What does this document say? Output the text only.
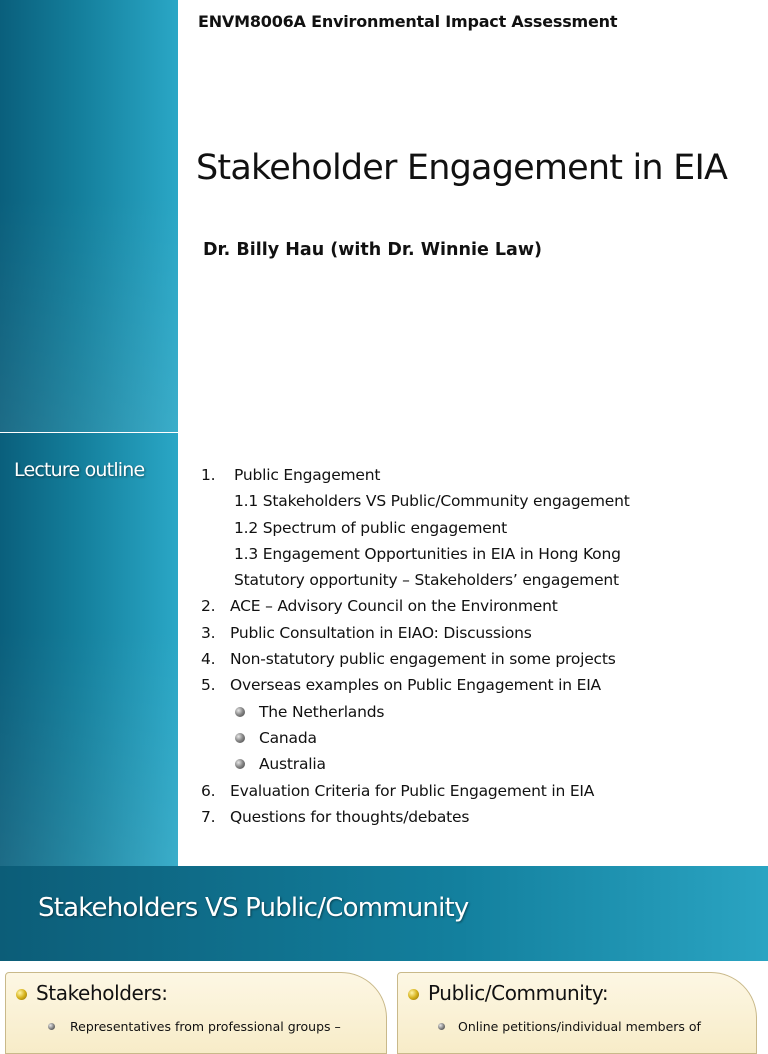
ENVM8006A Environmental Impact Assessment
Stakeholder Engagement in EIA
Dr. Billy Hau (with Dr. Winnie Law)
Lecture outline	1. Public Engagement
1.1 Stakeholders VS Public/Community engagement
1.2 Spectrum of public engagement
1.3 Engagement Opportunities in EIA in Hong Kong
Statutory opportunity – Stakeholders’ engagement
2. ACE – Advisory Council on the Environment
3. Public Consultation in EIAO: Discussions
4. Non-statutory public engagement in some projects
5. Overseas examples on Public Engagement in EIA
The Netherlands
Canada
Australia
6. Evaluation Criteria for Public Engagement in EIA
7. Questions for thoughts/debates
Stakeholders VS Public/Community
Stakeholders:
Representatives from professional groups –
Public/Community:
Online petitions/individual members of
